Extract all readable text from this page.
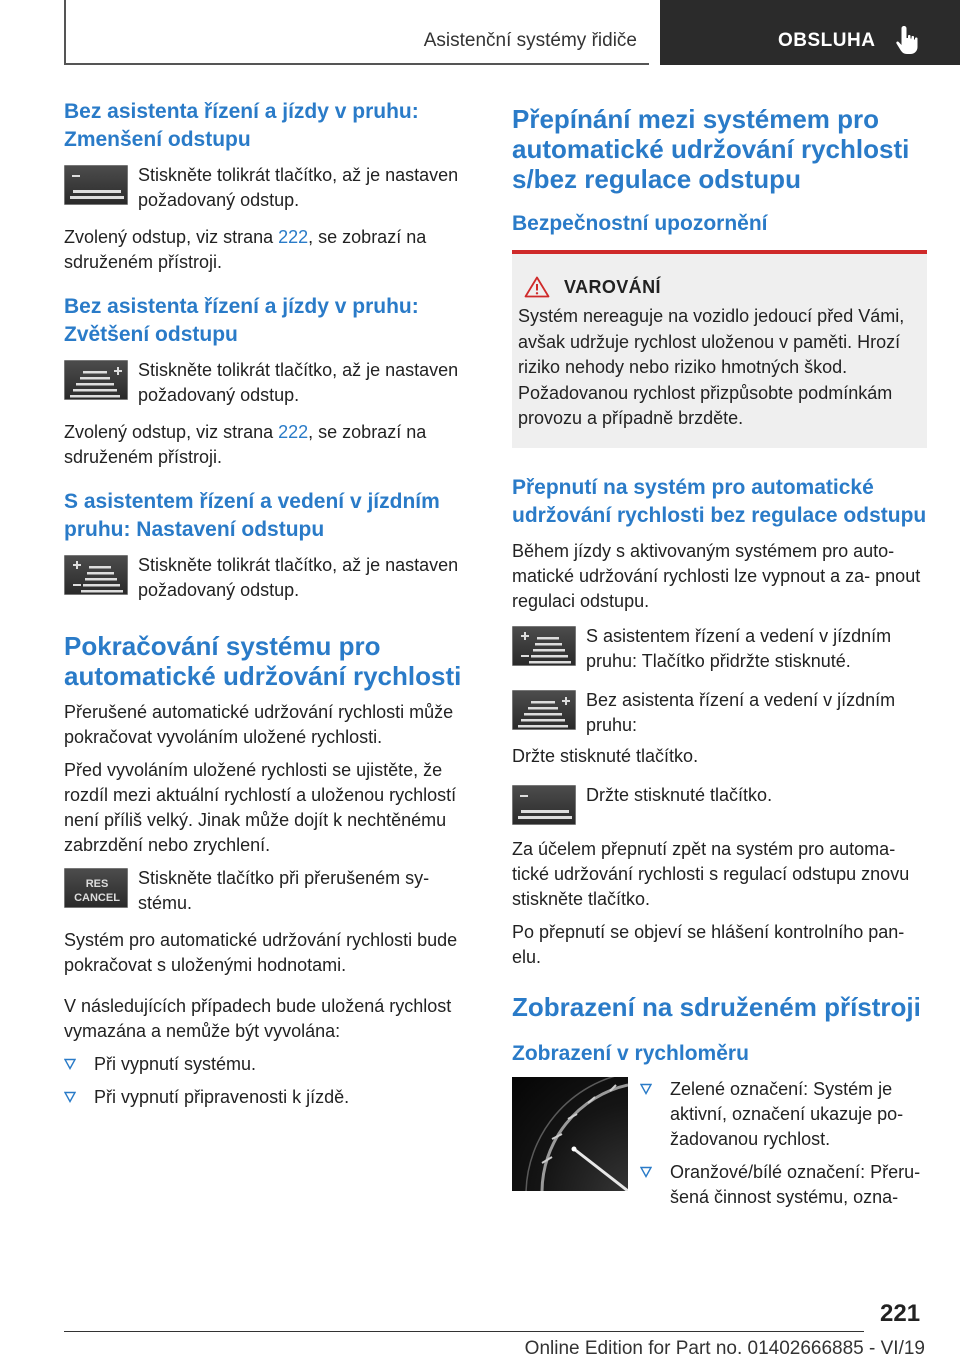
Asistenční systémy řidiče	OBSLUHA
Bez asistenta řízení a jízdy v pruhu: Zmenšení odstupu
Stiskněte tolikrát tlačítko, až je nastaven požadovaný odstup.

Zvolený odstup, viz strana 222, se zobrazí na sdruženém přístroji.

Bez asistenta řízení a jízdy v pruhu: Zvětšení odstupu
Stiskněte tolikrát tlačítko, až je nastaven požadovaný odstup.

Zvolený odstup, viz strana 222, se zobrazí na sdruženém přístroji.

S asistentem řízení a vedení v jízdním pruhu: Nastavení odstupu
Stiskněte tolikrát tlačítko, až je nastaven požadovaný odstup.
Pokračování systému pro automatické udržování rychlosti

Přerušené automatické udržování rychlosti může pokračovat vyvoláním uložené rychlosti.

Před vyvoláním uložené rychlosti se ujistěte, že rozdíl mezi aktuální rychlostí a uloženou rychlostí není příliš velký. Jinak může dojít k nechtěnému zabrzdění nebo zrychlení.

RES
CANCEL
Stiskněte tlačítko při přerušeném sy‐ stému.

Systém pro automatické udržování rychlosti bude pokračovat s uloženými hodnotami.

V následujících případech bude uložená rychlost vymazána a nemůže být vyvolána:

Při vypnutí systému.
Při vypnutí připravenosti k jízdě.
Přepínání mezi systémem pro automatické udržování rychlosti s/bez regulace odstupu
Bezpečnostní upozornění
VAROVÁNÍ

Systém nereaguje na vozidlo jedoucí před Vámi, avšak udržuje rychlost uloženou v paměti. Hrozí riziko nehody nebo riziko hmotných škod. Požadovanou rychlost přizpůsobte podmínkám provozu a případně brzděte.

Přepnutí na systém pro automatické udržování rychlosti bez regulace odstupu

Během jízdy s aktivovaným systémem pro auto‐ matické udržování rychlosti lze vypnout a za‐ pnout regulaci odstupu.

S asistentem řízení a vedení v jízdním pruhu: Tlačítko přidržte stisknuté.
Bez asistenta řízení a vedení v jízdním pruhu:

Držte stisknuté tlačítko.

Držte stisknuté tlačítko.

Za účelem přepnutí zpět na systém pro automa‐ tické udržování rychlosti s regulací odstupu znovu stiskněte tlačítko.

Po přepnutí se objeví se hlášení kontrolního pan‐ elu.

Zobrazení na sdruženém přístroji
Zobrazení v rychloměru
Zelené označení: Systém je aktivní, označení ukazuje po‐ žadovanou rychlost.
Oranžové/bílé označení: Přeru‐ šená činnost systému, ozna‐
221
Online Edition for Part no. 01402666885 - VI/19
